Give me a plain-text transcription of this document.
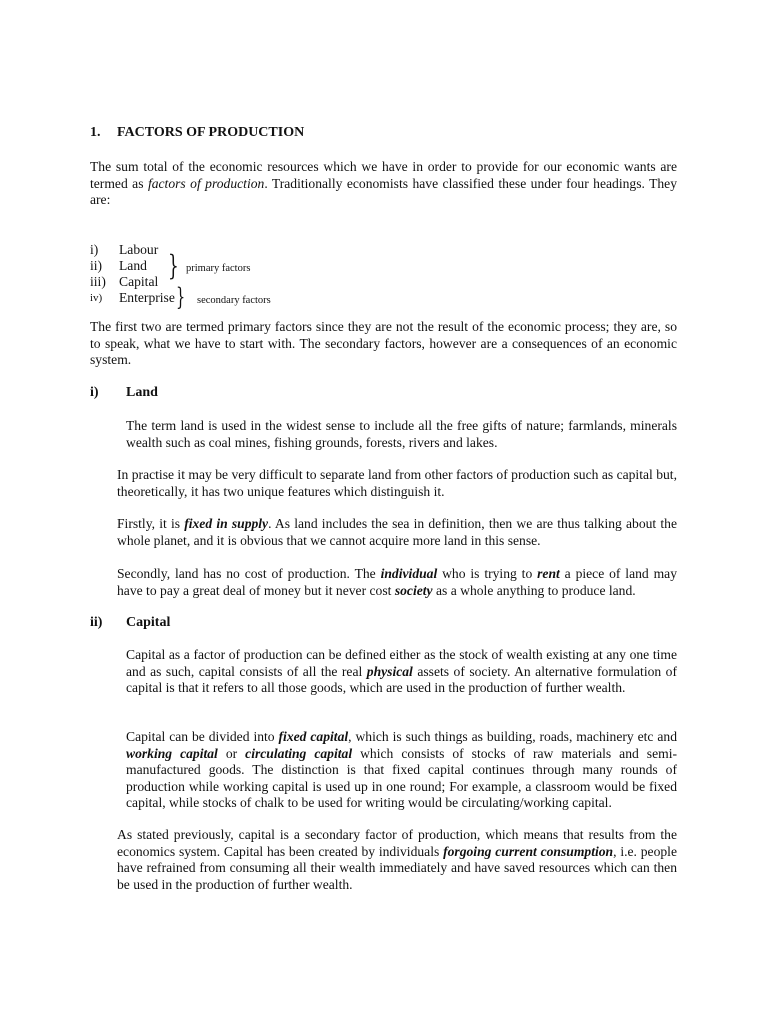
1. FACTORS OF PRODUCTION

The sum total of the economic resources which we have in order to provide for our economic wants are termed as factors of production. Traditionally economists have classified these under four headings. They are:

i) Labour
ii) Land
iii) Capital
iv) Enterprise
} primary factors
} secondary factors

The first two are termed primary factors since they are not the result of the economic process; they are, so to speak, what we have to start with. The secondary factors, however are a consequences of an economic system.

i) Land

The term land is used in the widest sense to include all the free gifts of nature; farmlands, minerals wealth such as coal mines, fishing grounds, forests, rivers and lakes.

In practise it may be very difficult to separate land from other factors of production such as capital but, theoretically, it has two unique features which distinguish it.

Firstly, it is fixed in supply. As land includes the sea in definition, then we are thus talking about the whole planet, and it is obvious that we cannot acquire more land in this sense.

Secondly, land has no cost of production. The individual who is trying to rent a piece of land may have to pay a great deal of money but it never cost society as a whole anything to produce land.

ii) Capital

Capital as a factor of production can be defined either as the stock of wealth existing at any one time and as such, capital consists of all the real physical assets of society. An alternative formulation of capital is that it refers to all those goods, which are used in the production of further wealth.

Capital can be divided into fixed capital, which is such things as building, roads, machinery etc and working capital or circulating capital which consists of stocks of raw materials and semi-manufactured goods. The distinction is that fixed capital continues through many rounds of production while working capital is used up in one round; For example, a classroom would be fixed capital, while stocks of chalk to be used for writing would be circulating/working capital.

As stated previously, capital is a secondary factor of production, which means that results from the economics system. Capital has been created by individuals forgoing current consumption, i.e. people have refrained from consuming all their wealth immediately and have saved resources which can then be used in the production of further wealth.
